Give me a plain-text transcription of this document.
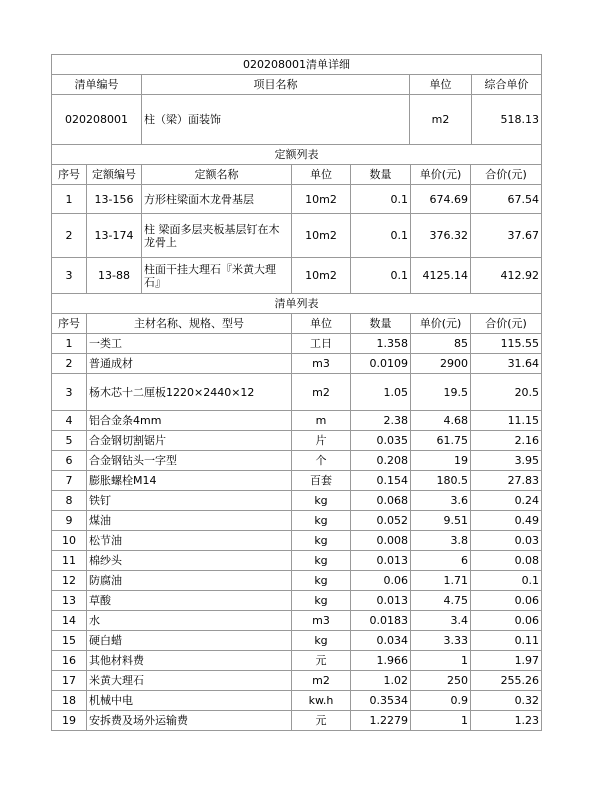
020208001清单详细			
清单编号	项目名称	单位	综合单价
020208001	柱（梁）面装饰	m2	518.13
定额列表						
序号	定额编号	定额名称	单位	数量	单价(元)	合价(元)
1	13-156	方形柱梁面木龙骨基层	10m2	0.1	674.69	67.54
2	13-174	柱 梁面多层夹板基层钉在木龙骨上	10m2	0.1	376.32	37.67
3	13-88	柱面干挂大理石『米黄大理石』	10m2	0.1	4125.14	412.92
清单列表					
序号	主材名称、规格、型号	单位	数量	单价(元)	合价(元)
1	一类工	工日	1.358	85	115.55
2	普通成材	m3	0.0109	2900	31.64
3	杨木芯十二厘板1220×2440×12	m2	1.05	19.5	20.5
4	铝合金条4mm	m	2.38	4.68	11.15
5	合金钢切割锯片	片	0.035	61.75	2.16
6	合金钢钻头一字型	个	0.208	19	3.95
7	膨胀螺栓M14	百套	0.154	180.5	27.83
8	铁钉	kg	0.068	3.6	0.24
9	煤油	kg	0.052	9.51	0.49
10	松节油	kg	0.008	3.8	0.03
11	棉纱头	kg	0.013	6	0.08
12	防腐油	kg	0.06	1.71	0.1
13	草酸	kg	0.013	4.75	0.06
14	水	m3	0.0183	3.4	0.06
15	硬白蜡	kg	0.034	3.33	0.11
16	其他材料费	元	1.966	1	1.97
17	米黄大理石	m2	1.02	250	255.26
18	机械中电	kw.h	0.3534	0.9	0.32
19	安拆费及场外运输费	元	1.2279	1	1.23
